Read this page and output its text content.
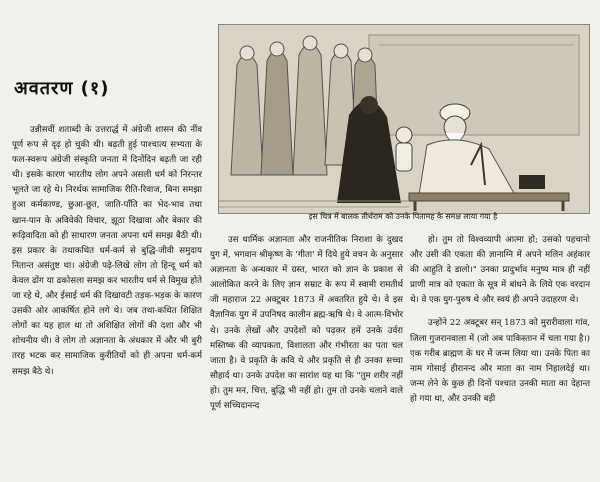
अवतरण (१)

उन्नीसवीं शताब्दी के उत्तरार्द्ध में अंग्रेजी शासन की नींव पूर्ण रूप से दृढ़ हो चुकी थी। बढ़ती हुई पाश्चात्य सभ्यता के फल-स्वरूप अंग्रेजी संस्कृति जनता में दिनोंदिन बढ़ती जा रही थी। इसके कारण भारतीय लोग अपने असली धर्म को निरन्तर भूलते जा रहे थे। निरर्थक सामाजिक रीति-रिवाज, बिना समझा हुआ कर्मकाण्ड, छुआ-छूत, जाति-पाँति का भेद-भाव तथा खान-पान के अविवेकी विचार, झूठा दिखावा और बेकार की रूढ़िवादिता को ही साधारण जनता अपना धर्म समझ बैठी थी। इस प्रकार के तथाकथित धर्म-कर्म से बुद्धि-जीवी समुदाय नितान्त असंतुष्ट था। अंग्रेजी पढ़े-लिखे लोग तो हिन्दू धर्म को केवल ढोंग या ढकोसला समझ कर भारतीय धर्म से विमुख होते जा रहे थे, और ईसाई धर्म की दिखावटी तड़क-भड़क के कारण उसकी ओर आकर्षित होने लगे थे। जब तथा-कथित शिक्षित लोगों का यह हाल था तो अशिक्षित लोगों की दशा और भी शोचनीय थी। वे लोग तो अज्ञानता के अंधकार में और भी बुरी तरह भटक कर सामाजिक कुरीतियों को ही अपना धर्म-कर्म समझ बैठे थे।

इस चित्र में बालक तीर्थराम को उनके पितामह के समक्ष लाया गया है

उस धार्मिक अज्ञानता और राजनीतिक निराशा के दुखद युग में, भगवान श्रीकृष्ण के 'गीता' में दिये हुये वचन के अनुसार अज्ञानता के अन्धकार में ग्रस्त, भारत को ज्ञान के प्रकाश से आलोकित करने के लिए ज्ञान सम्राट के रूप में स्वामी रामतीर्थ जी महाराज 22 अक्टूबर 1873 में अवतरित हुये थे। वे इस वैज्ञानिक युग में उपनिषद कालीन ब्रह्म-ऋषि थे। वे आत्म-विभोर थे। उनके लेखों और उपदेशों को पढ़कर हमें उनके उर्वरा मस्तिष्क की व्यापकता, विशालता और गंभीरता का पता चल जाता है। वे प्रकृति के कवि थे और प्रकृति से ही उनका सच्चा सौहार्द था। उनके उपदेश का सारांश यह था कि "तुम शरीर नहीं हो। तुम मन, चित्त, बुद्धि भी नहीं हो। तुम तो उनके चलाने वाले पूर्ण सच्चिदानन्द

हो। तुम तो विश्वव्यापी आत्मा हो; उसको पहचानो और उसी की एकता की ज्ञानाग्नि में अपने मलिन अहंकार की आहुति दे डालो।" उनका प्रादुर्भाव मनुष्य मात्र ही नहीं प्राणी मात्र को एकता के सूत्र में बांधने के लिये एक वरदान थे। वे एक युग-पुरुष थे और स्वयं ही अपने उदाहरण थे।

उन्होंने 22 अक्टूबर सन् 1873 को मुरारीवाला गांव, जिला गुजरानवाला में (जो अब पाकिस्तान में चला गया है।) एक गरीब ब्राह्मण के घर में जन्म लिया था। उनके पिता का नाम गोसाई हीरानन्द और माता का नाम निहालदेई था। जन्म लेने के कुछ ही दिनों पश्चात उनकी माता का देहान्त हो गया था, और उनकी बड़ी
